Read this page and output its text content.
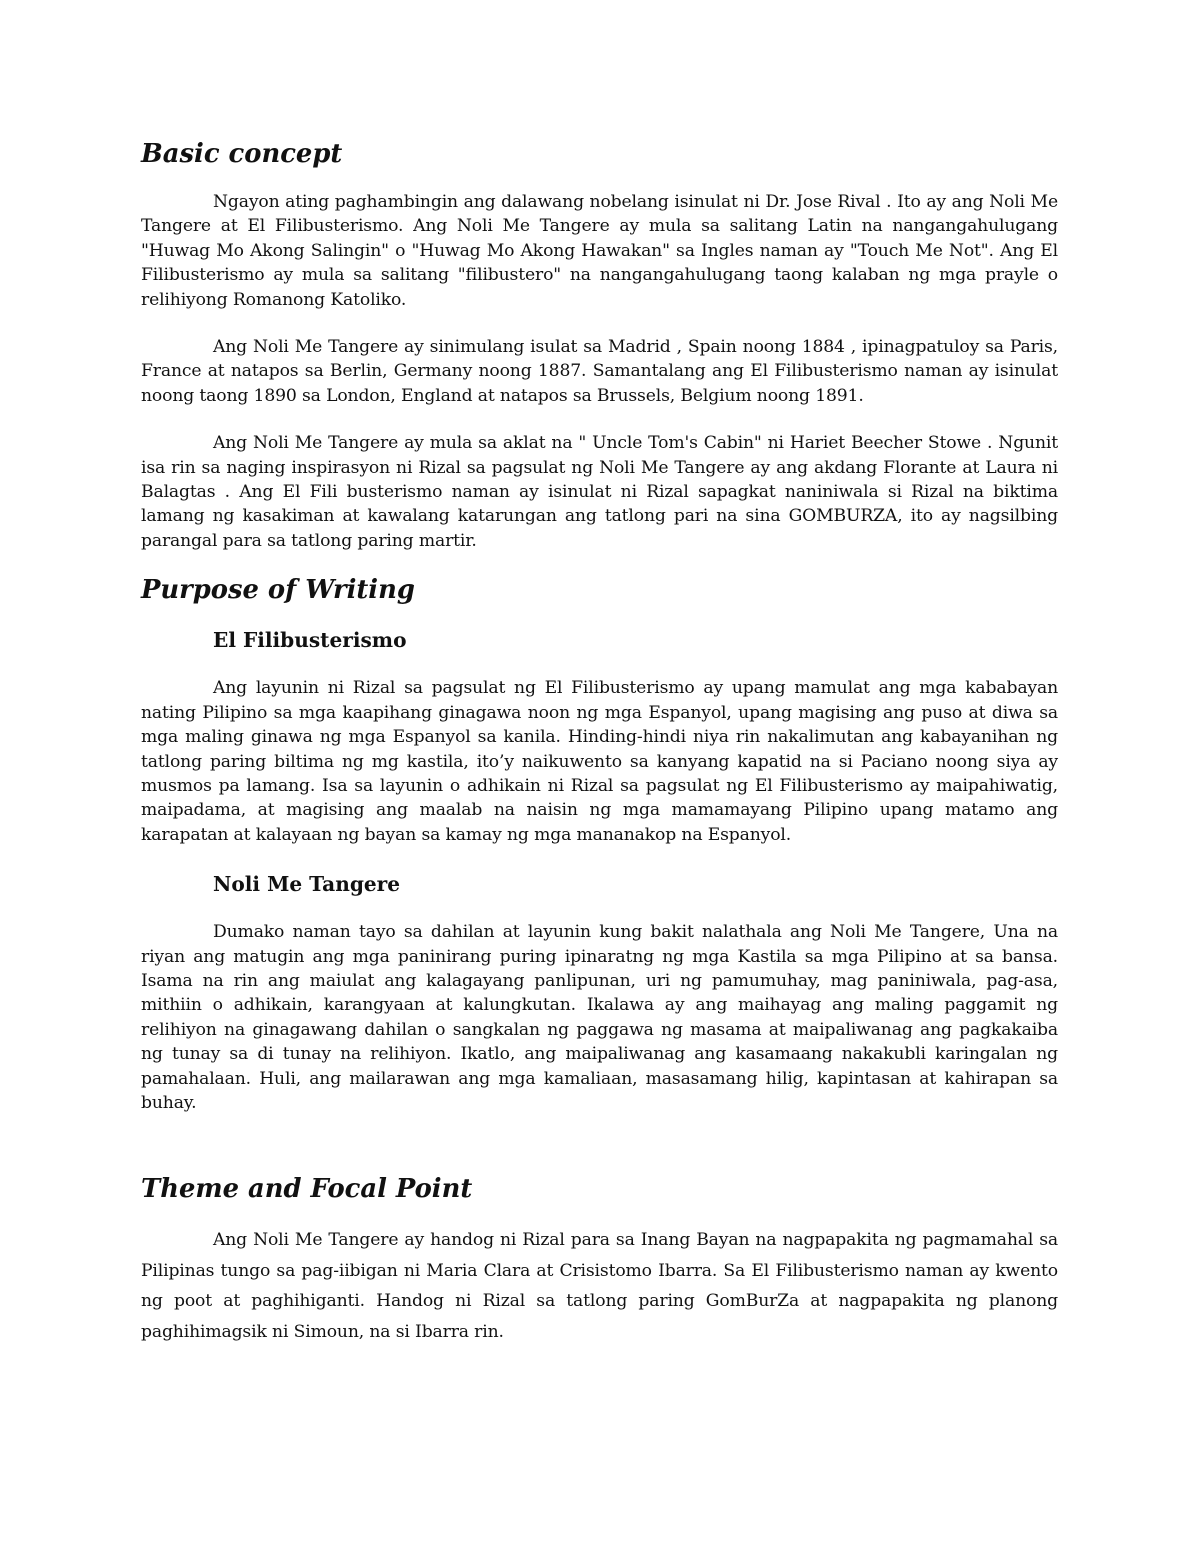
Basic concept

Ngayon ating paghambingin ang dalawang nobelang isinulat ni Dr. Jose Rival . Ito ay ang Noli Me Tangere at El Filibusterismo. Ang Noli Me Tangere ay mula sa salitang Latin na nangangahulugang "Huwag Mo Akong Salingin" o "Huwag Mo Akong Hawakan" sa Ingles naman ay "Touch Me Not". Ang El Filibusterismo ay mula sa salitang "filibustero" na nangangahulugang taong kalaban ng mga prayle o relihiyong Romanong Katoliko.

Ang Noli Me Tangere ay sinimulang isulat sa Madrid , Spain noong 1884 , ipinagpatuloy sa Paris, France at natapos sa Berlin, Germany noong 1887. Samantalang ang El Filibusterismo naman ay isinulat noong taong 1890 sa London, England at natapos sa Brussels, Belgium noong 1891.

Ang Noli Me Tangere ay mula sa aklat na " Uncle Tom's Cabin" ni Hariet Beecher Stowe . Ngunit isa rin sa naging inspirasyon ni Rizal sa pagsulat ng Noli Me Tangere ay ang akdang Florante at Laura ni Balagtas . Ang El Fili busterismo naman ay isinulat ni Rizal sapagkat naniniwala si Rizal na biktima lamang ng kasakiman at kawalang katarungan ang tatlong pari na sina GOMBURZA, ito ay nagsilbing parangal para sa tatlong paring martir.

Purpose of Writing
El Filibusterismo

Ang layunin ni Rizal sa pagsulat ng El Filibusterismo ay upang mamulat ang mga kababayan nating Pilipino sa mga kaapihang ginagawa noon ng mga Espanyol, upang magising ang puso at diwa sa mga maling ginawa ng mga Espanyol sa kanila. Hinding-hindi niya rin nakalimutan ang kabayanihan ng tatlong paring biltima ng mg kastila, ito’y naikuwento sa kanyang kapatid na si Paciano noong siya ay musmos pa lamang. Isa sa layunin o adhikain ni Rizal sa pagsulat ng El Filibusterismo ay maipahiwatig, maipadama, at magising ang maalab na naisin ng mga mamamayang Pilipino upang matamo ang karapatan at kalayaan ng bayan sa kamay ng mga mananakop na Espanyol.

Noli Me Tangere

Dumako naman tayo sa dahilan at layunin kung bakit nalathala ang Noli Me Tangere, Una na riyan ang matugin ang mga paninirang puring ipinaratng ng mga Kastila sa mga Pilipino at sa bansa. Isama na rin ang maiulat ang kalagayang panlipunan, uri ng pamumuhay, mag paniniwala, pag-asa, mithiin o adhikain, karangyaan at kalungkutan. Ikalawa ay ang maihayag ang maling paggamit ng relihiyon na ginagawang dahilan o sangkalan ng paggawa ng masama at maipaliwanag ang pagkakaiba ng tunay sa di tunay na relihiyon. Ikatlo, ang maipaliwanag ang kasamaang nakakubli karingalan ng pamahalaan. Huli, ang mailarawan ang mga kamaliaan, masasamang hilig, kapintasan at kahirapan sa buhay.

Theme and Focal Point

Ang Noli Me Tangere ay handog ni Rizal para sa Inang Bayan na nagpapakita ng pagmamahal sa Pilipinas tungo sa pag-iibigan ni Maria Clara at Crisistomo Ibarra. Sa El Filibusterismo naman ay kwento ng poot at paghihiganti. Handog ni Rizal sa tatlong paring GomBurZa at nagpapakita ng planong paghihimagsik ni Simoun, na si Ibarra rin.
